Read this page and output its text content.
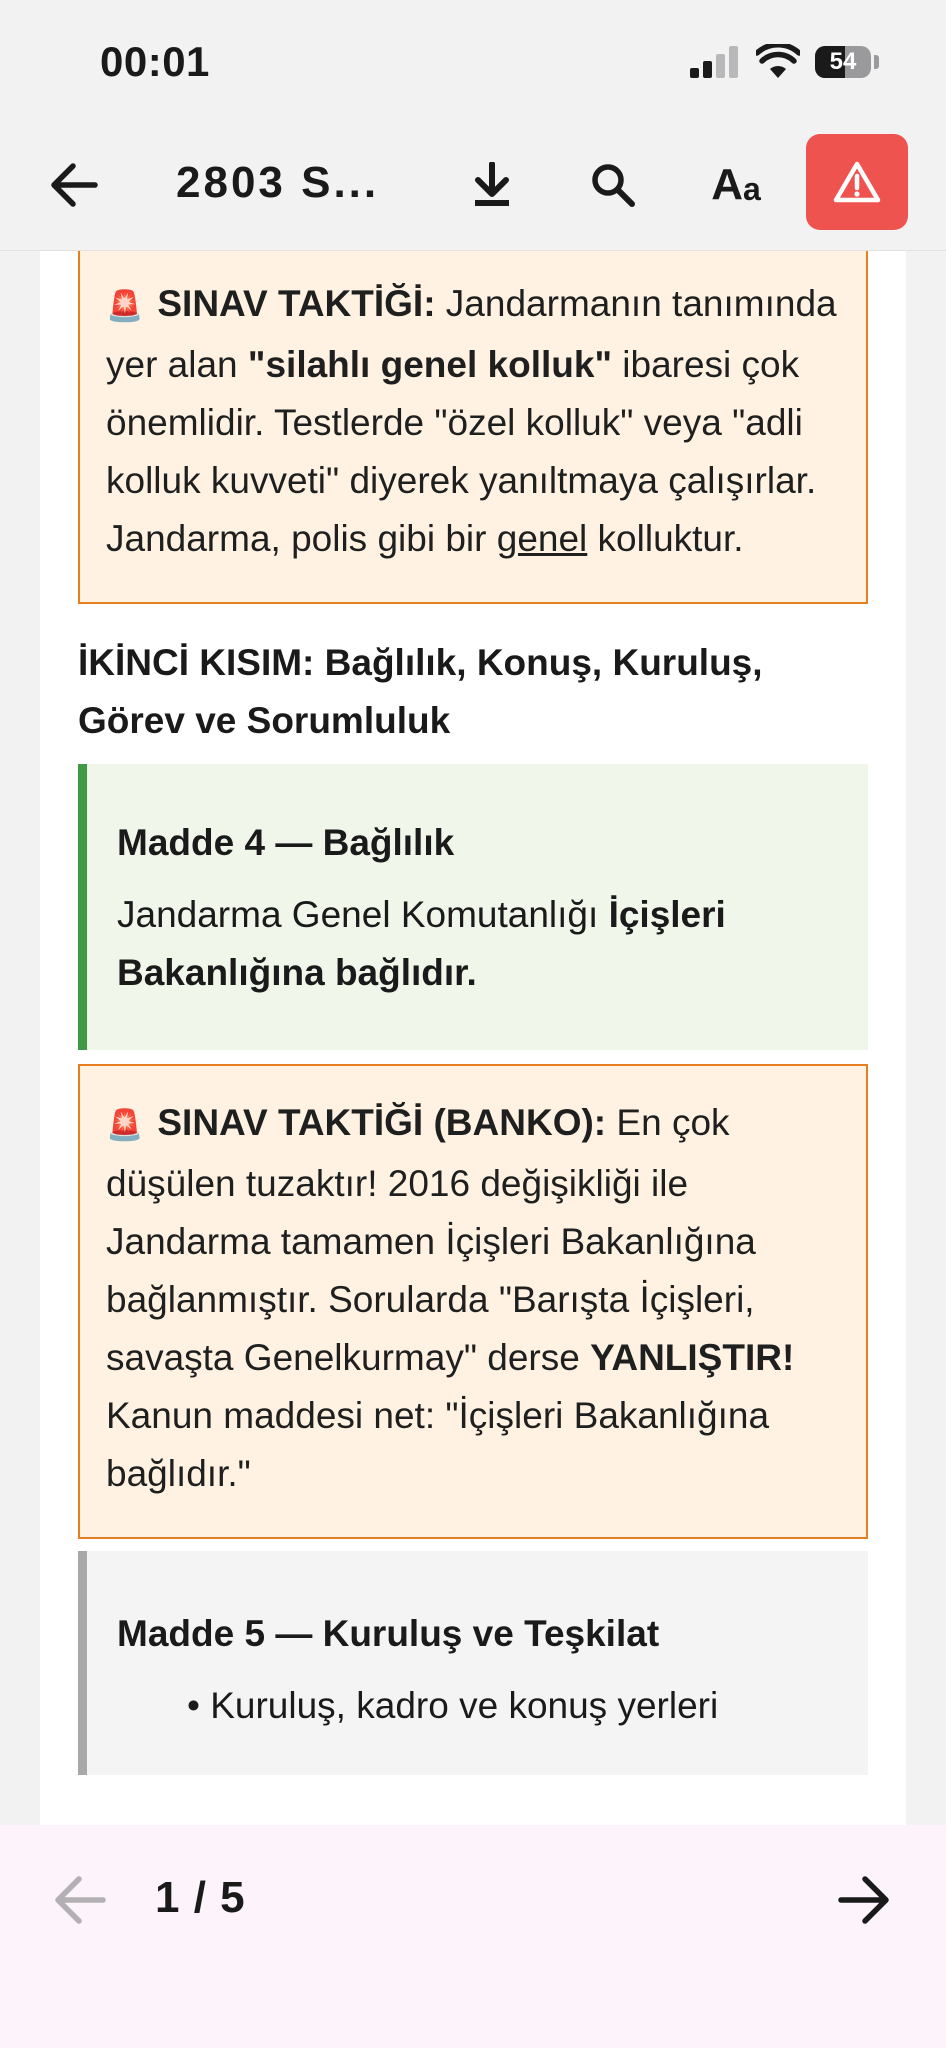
00:01	54
2803 S...	A a
🚨 SINAV TAKTİĞİ: Jandarmanın tanımında yer alan "silahlı genel kolluk" ibaresi çok önemlidir. Testlerde "özel kolluk" veya "adli kolluk kuvveti" diyerek yanıltmaya çalışırlar. Jandarma, polis gibi bir genel kolluktur.
İKİNCİ KISIM: Bağlılık, Konuş, Kuruluş, Görev ve Sorumluluk
Madde 4 — Bağlılık
Jandarma Genel Komutanlığı İçişleri Bakanlığına bağlıdır.
🚨 SINAV TAKTİĞİ (BANKO): En çok düşülen tuzaktır! 2016 değişikliği ile Jandarma tamamen İçişleri Bakanlığına bağlanmıştır. Sorularda "Barışta İçişleri, savaşta Genelkurmay" derse YANLIŞTIR! Kanun maddesi net: "İçişleri Bakanlığına bağlıdır."
Madde 5 — Kuruluş ve Teşkilat
• Kuruluş, kadro ve konuş yerleri
1 / 5
